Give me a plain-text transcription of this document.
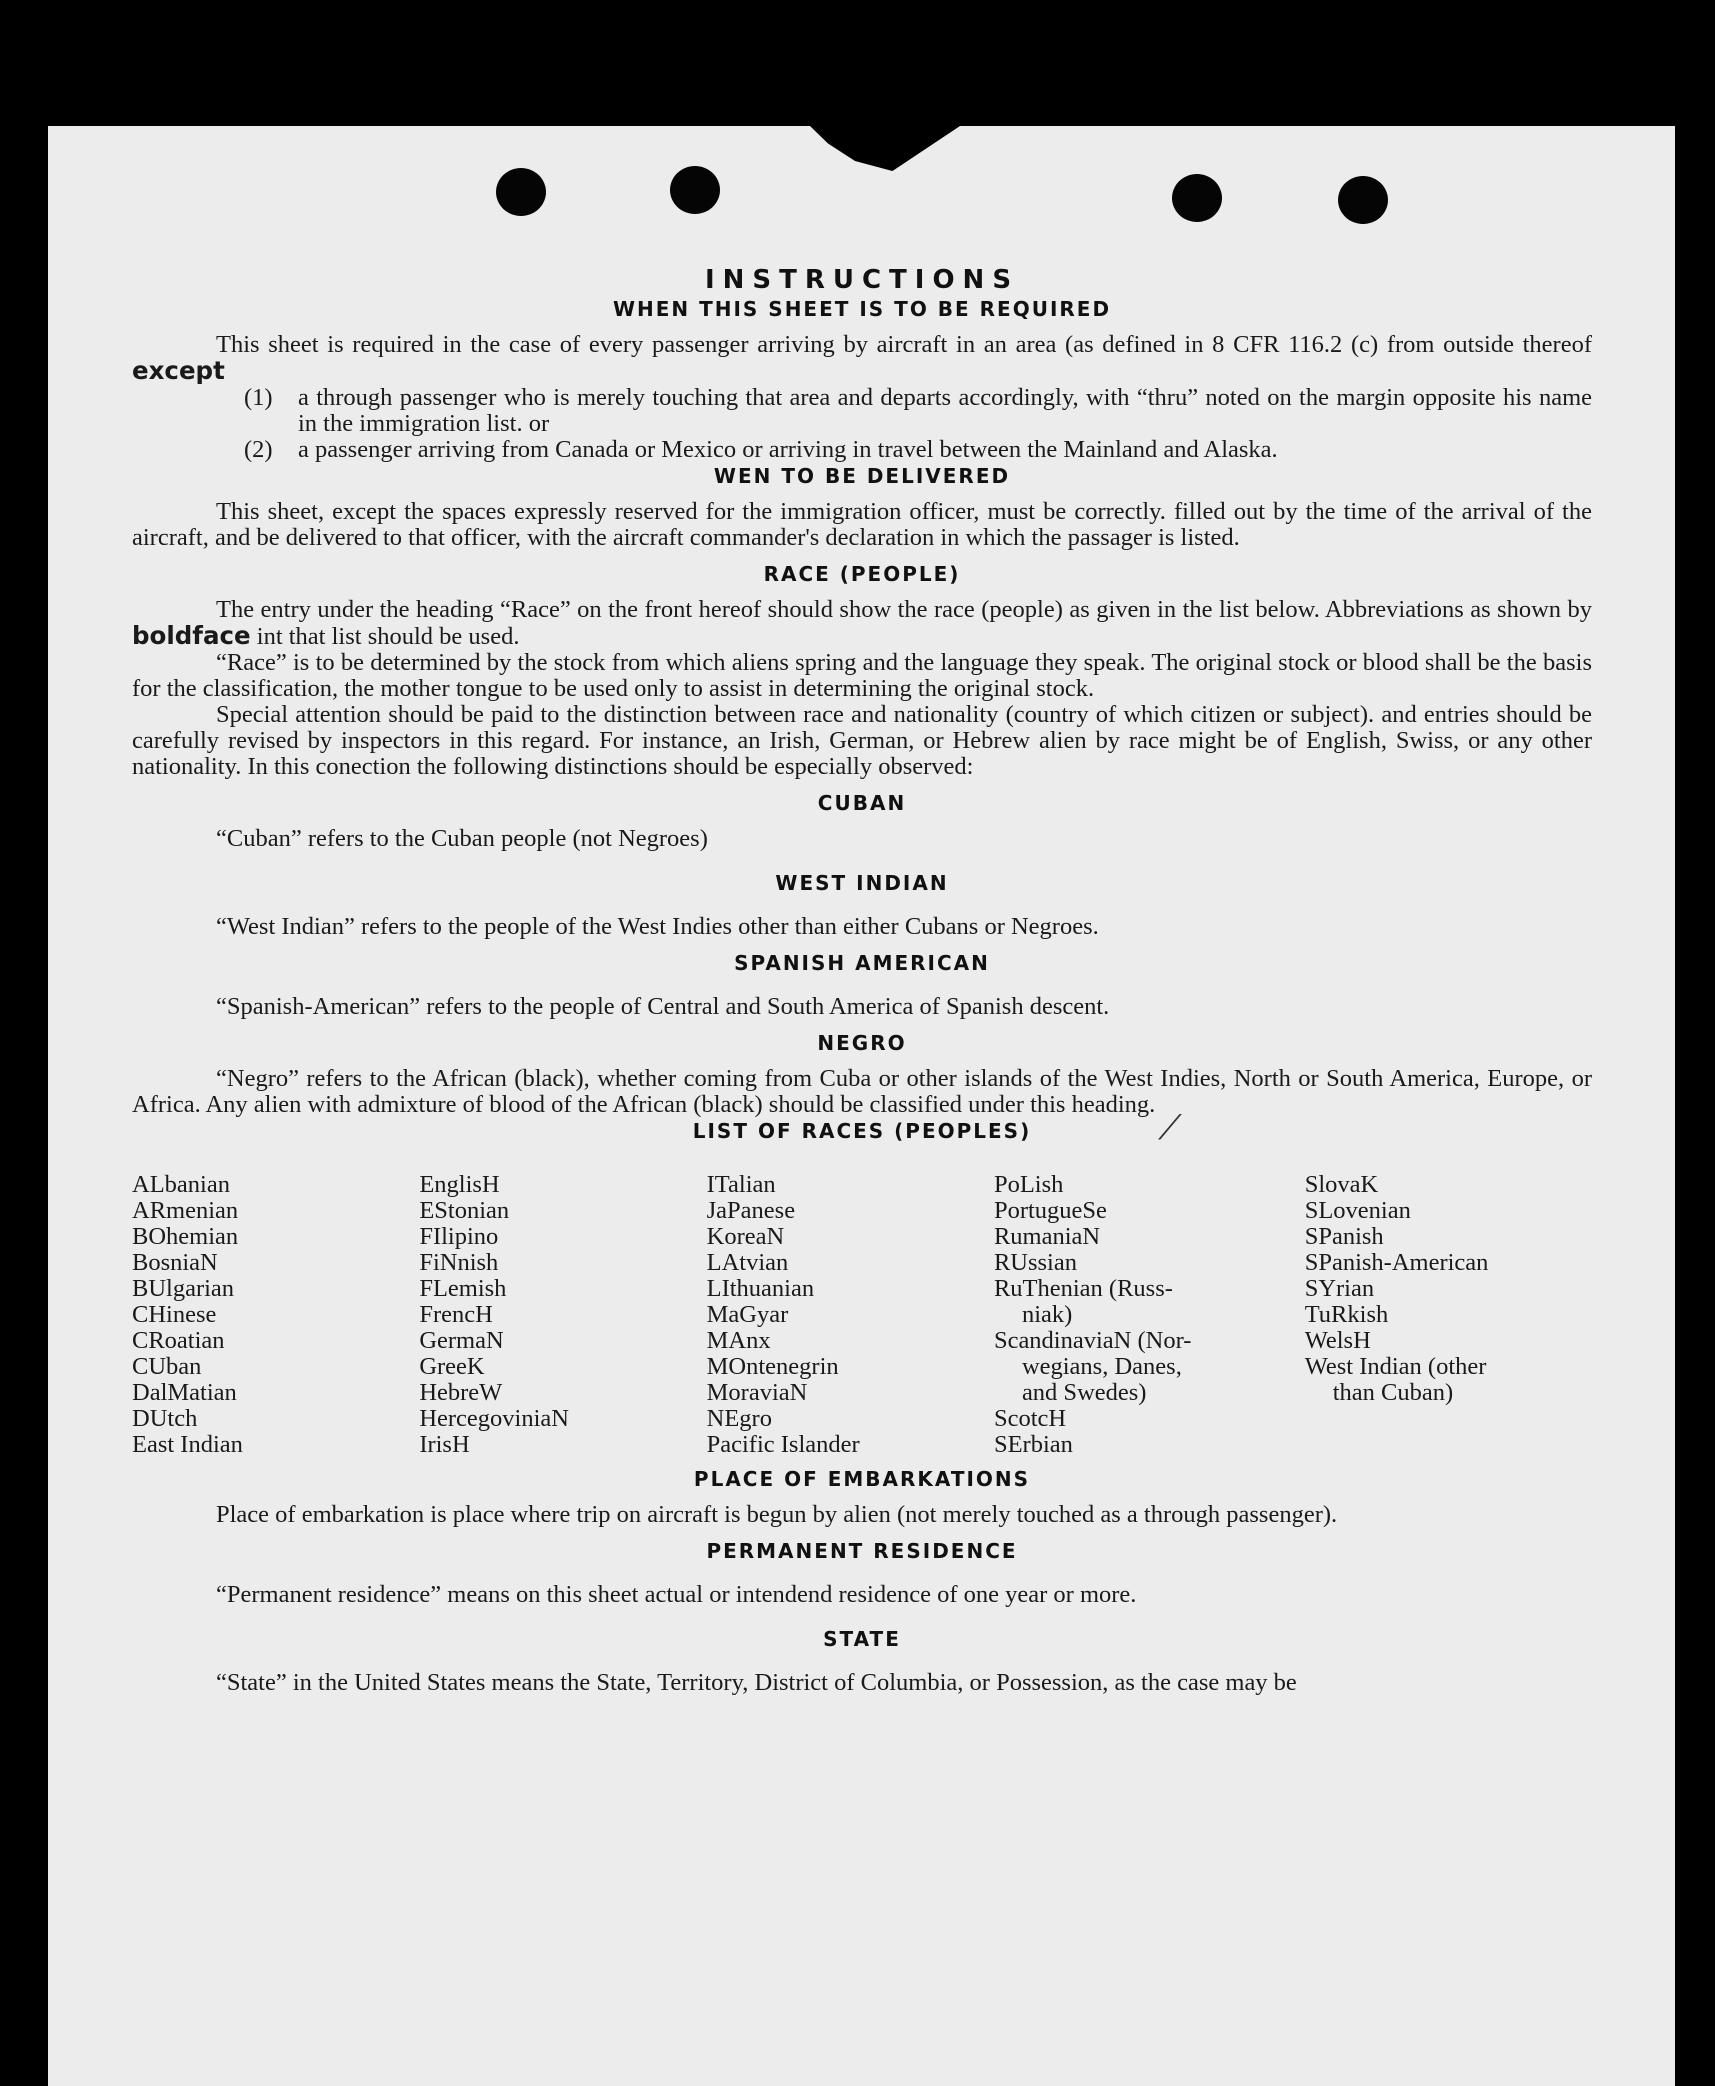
⟋
INSTRUCTIONS
WHEN THIS SHEET IS TO BE REQUIRED

This sheet is required in the case of every passenger arriving by aircraft in an area (as defined in 8 CFR 116.2 (c) from outside thereof except

(1)	a through passenger who is merely touching that area and departs accordingly, with “thru” noted on the margin opposite his name in the immigration list. or
(2)	a passenger arriving from Canada or Mexico or arriving in travel between the Mainland and Alaska.
WEN TO BE DELIVERED

This sheet, except the spaces expressly reserved for the immigration officer, must be correctly. filled out by the time of the arrival of the aircraft, and be delivered to that officer, with the aircraft commander's declaration in which the passager is listed.

RACE (PEOPLE)

The entry under the heading “Race” on the front hereof should show the race (people) as given in the list below. Abbreviations as shown by boldface int that list should be used.

“Race” is to be determined by the stock from which aliens spring and the language they speak. The original stock or blood shall be the basis for the classification, the mother tongue to be used only to assist in determining the original stock.

Special attention should be paid to the distinction between race and nationality (country of which citizen or subject). and entries should be carefully revised by inspectors in this regard. For instance, an Irish, German, or Hebrew alien by race might be of English, Swiss, or any other nationality. In this conection the following distinctions should be especially observed:

CUBAN

“Cuban” refers to the Cuban people (not Negroes)

WEST INDIAN

“West Indian” refers to the people of the West Indies other than either Cubans or Negroes.

SPANISH AMERICAN

“Spanish-American” refers to the people of Central and South America of Spanish descent.

NEGRO

“Negro” refers to the African (black), whether coming from Cuba or other islands of the West Indies, North or South America, Europe, or Africa. Any alien with admixture of blood of the African (black) should be classified under this heading.

LIST OF RACES (PEOPLES)
ALbanian
ARmenian
BOhemian
BosniaN
BUlgarian
CHinese
CRoatian
CUban
DalMatian
DUtch
East Indian
EnglisH
EStonian
FIlipino
FiNnish
FLemish
FrencH
GermaN
GreeK
HebreW
HercegoviniaN
IrisH
ITalian
JaPanese
KoreaN
LAtvian
LIthuanian
MaGyar
MAnx
MOntenegrin
MoraviaN
NEgro
Pacific Islander
PoLish
PortugueSe
RumaniaN
RUssian
RuThenian (Russ-
niak)
ScandinaviaN (Nor-
wegians, Danes,
and Swedes)
ScotcH
SErbian
SlovaK
SLovenian
SPanish
SPanish-American
SYrian
TuRkish
WelsH
West Indian (other
than Cuban)
PLACE OF EMBARKATIONS

Place of embarkation is place where trip on aircraft is begun by alien (not merely touched as a through passenger).

PERMANENT RESIDENCE

“Permanent residence” means on this sheet actual or intendend residence of one year or more.

STATE

“State” in the United States means the State, Territory, District of Columbia, or Possession, as the case may be
